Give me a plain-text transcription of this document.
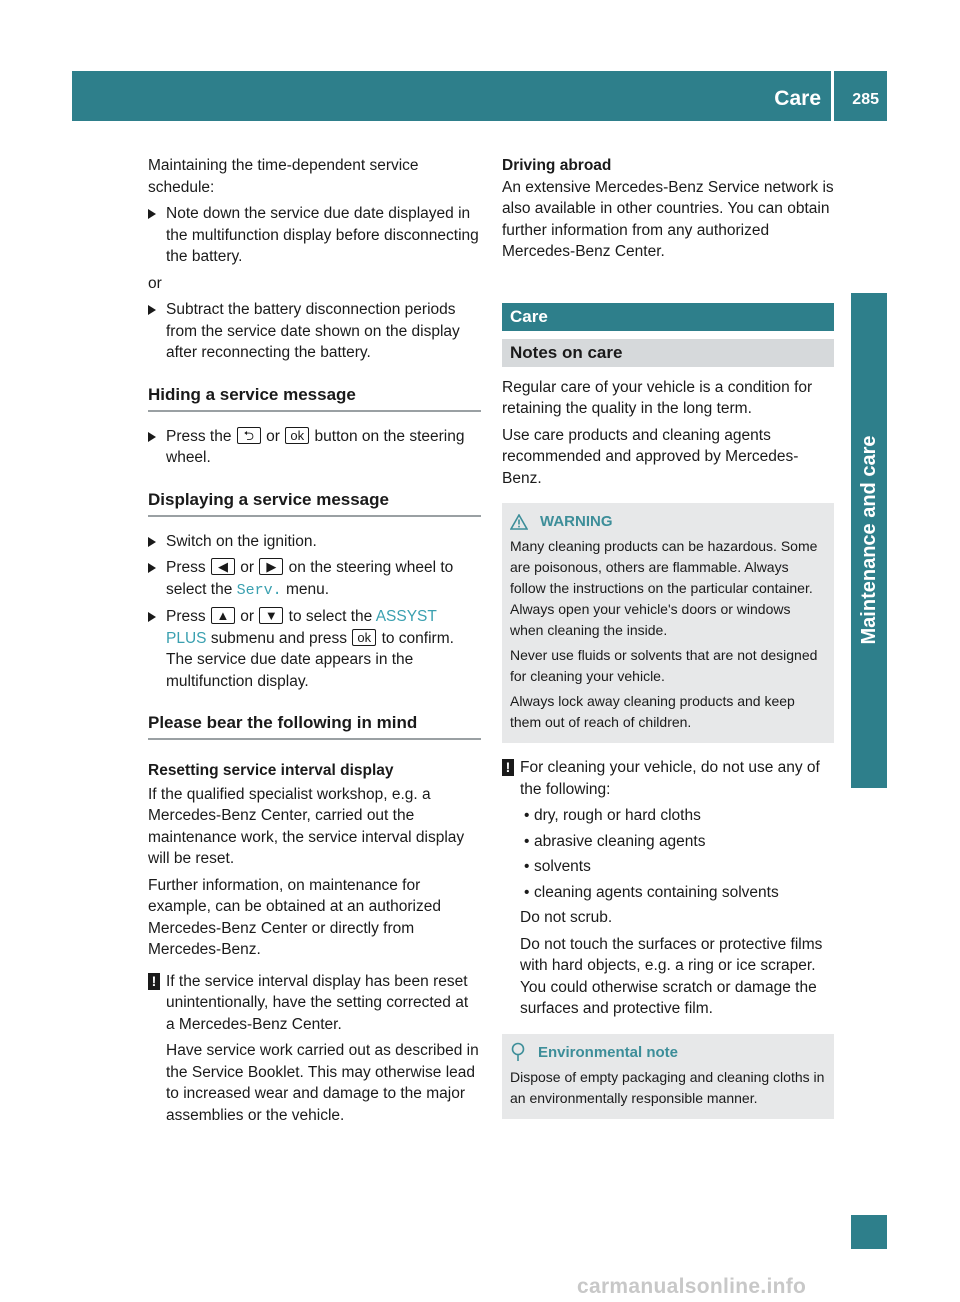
Care 285
Maintenance and care

Maintaining the time-dependent service schedule:

Note down the service due date displayed in the multifunction display before disconnecting the battery.

or

Subtract the battery disconnection periods from the service date shown on the display after reconnecting the battery.
Hiding a service message
Press the ⮌ or ok button on the steering wheel.
Displaying a service message
Switch on the ignition.
Press ◀ or ▶ on the steering wheel to select the Serv. menu.
Press ▲ or ▼ to select the ASSYST PLUS submenu and press ok to confirm. The service due date appears in the multifunction display.
Please bear the following in mind
Resetting service interval display

If the qualified specialist workshop, e.g. a Mercedes-Benz Center, carried out the maintenance work, the service interval display will be reset.

Further information, on maintenance for example, can be obtained at an authorized Mercedes-Benz Center or directly from Mercedes-Benz.

! If the service interval display has been reset unintentionally, have the setting corrected at a Mercedes-Benz Center.

Have service work carried out as described in the Service Booklet. This may otherwise lead to increased wear and damage to the major assemblies or the vehicle.

Driving abroad

An extensive Mercedes-Benz Service network is also available in other countries. You can obtain further information from any authorized Mercedes-Benz Center.

Care
Notes on care

Regular care of your vehicle is a condition for retaining the quality in the long term.

Use care products and cleaning agents recommended and approved by Mercedes-Benz.

WARNING

Many cleaning products can be hazardous. Some are poisonous, others are flammable. Always follow the instructions on the particular container. Always open your vehicle's doors or windows when cleaning the inside.

Never use fluids or solvents that are not designed for cleaning your vehicle.

Always lock away cleaning products and keep them out of reach of children.

! For cleaning your vehicle, do not use any of the following:

• dry, rough or hard cloths
• abrasive cleaning agents
• solvents
• cleaning agents containing solvents

Do not scrub.

Do not touch the surfaces or protective films with hard objects, e.g. a ring or ice scraper. You could otherwise scratch or damage the surfaces and protective film.

Environmental note

Dispose of empty packaging and cleaning cloths in an environmentally responsible manner.

carmanualsonline.info
